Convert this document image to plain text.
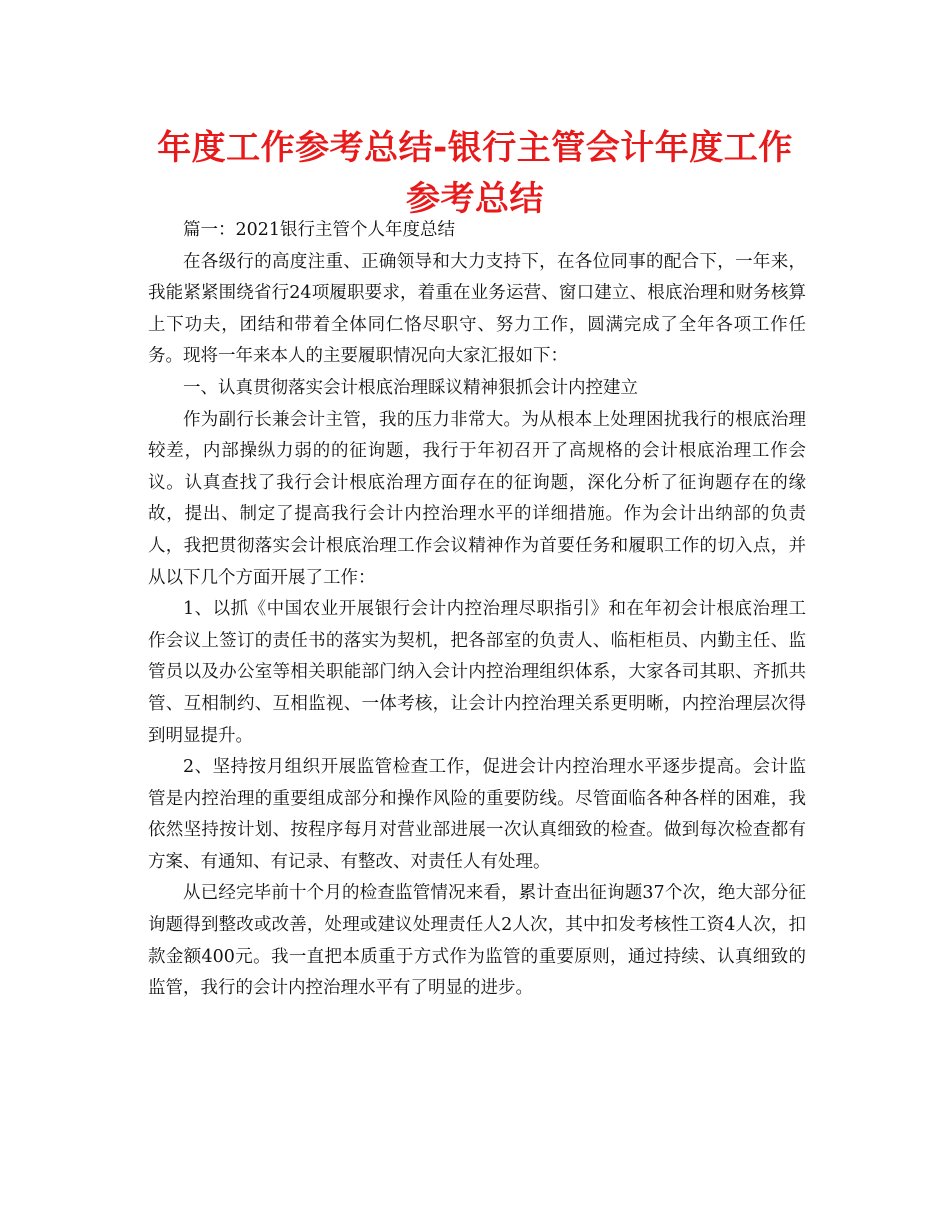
年度工作参考总结-银行主管会计年度工作参考总结

篇一：2021银行主管个人年度总结

在各级行的高度注重、正确领导和大力支持下，在各位同事的配合下，一年来，我能紧紧围绕省行24项履职要求，着重在业务运营、窗口建立、根底治理和财务核算上下功夫，团结和带着全体同仁恪尽职守、努力工作，圆满完成了全年各项工作任务。现将一年来本人的主要履职情况向大家汇报如下：

一、认真贯彻落实会计根底治理睬议精神狠抓会计内控建立

作为副行长兼会计主管，我的压力非常大。为从根本上处理困扰我行的根底治理较差，内部操纵力弱的的征询题，我行于年初召开了高规格的会计根底治理工作会议。认真查找了我行会计根底治理方面存在的征询题，深化分析了征询题存在的缘故，提出、制定了提高我行会计内控治理水平的详细措施。作为会计出纳部的负责人，我把贯彻落实会计根底治理工作会议精神作为首要任务和履职工作的切入点，并从以下几个方面开展了工作：

1、以抓《中国农业开展银行会计内控治理尽职指引》和在年初会计根底治理工作会议上签订的责任书的落实为契机，把各部室的负责人、临柜柜员、内勤主任、监管员以及办公室等相关职能部门纳入会计内控治理组织体系，大家各司其职、齐抓共管、互相制约、互相监视、一体考核，让会计内控治理关系更明晰，内控治理层次得到明显提升。

2、坚持按月组织开展监管检查工作，促进会计内控治理水平逐步提高。会计监管是内控治理的重要组成部分和操作风险的重要防线。尽管面临各种各样的困难，我依然坚持按计划、按程序每月对营业部进展一次认真细致的检查。做到每次检查都有方案、有通知、有记录、有整改、对责任人有处理。

从已经完毕前十个月的检查监管情况来看，累计查出征询题37个次，绝大部分征询题得到整改或改善，处理或建议处理责任人2人次，其中扣发考核性工资4人次，扣款金额400元。我一直把本质重于方式作为监管的重要原则，通过持续、认真细致的监管，我行的会计内控治理水平有了明显的进步。
